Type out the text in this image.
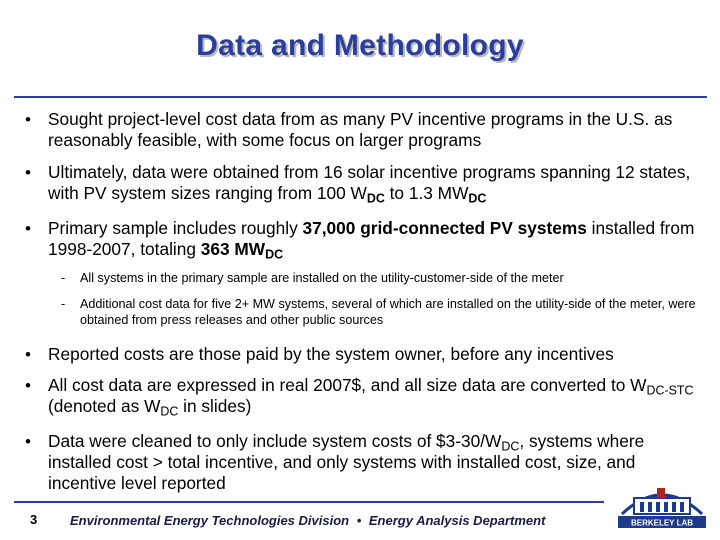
Data and Methodology
• Sought project-level cost data from as many PV incentive programs in the U.S. as reasonably feasible, with some focus on larger programs
• Ultimately, data were obtained from 16 solar incentive programs spanning 12 states, with PV system sizes ranging from 100 $W_{DC}$ to 1.3 $MW_{DC}$
• Primary sample includes roughly 37,000 grid-connected PV systems installed from 1998-2007, totaling 363 $MW_{DC}$
- All systems in the primary sample are installed on the utility-customer-side of the meter
- Additional cost data for five 2+ MW systems, several of which are installed on the utility-side of the meter, were obtained from press releases and other public sources
• Reported costs are those paid by the system owner, before any incentives
• All cost data are expressed in real 2007$, and all size data are converted to $W_{DC-STC}$ (denoted as $W_{DC}$ in slides)
• Data were cleaned to only include system costs of $\$3-30/W_{DC}$, systems where installed cost > total incentive, and only systems with installed cost, size, and incentive level reported
3	Environmental Energy Technologies Division • Energy Analysis Department	BERKELEY LAB
